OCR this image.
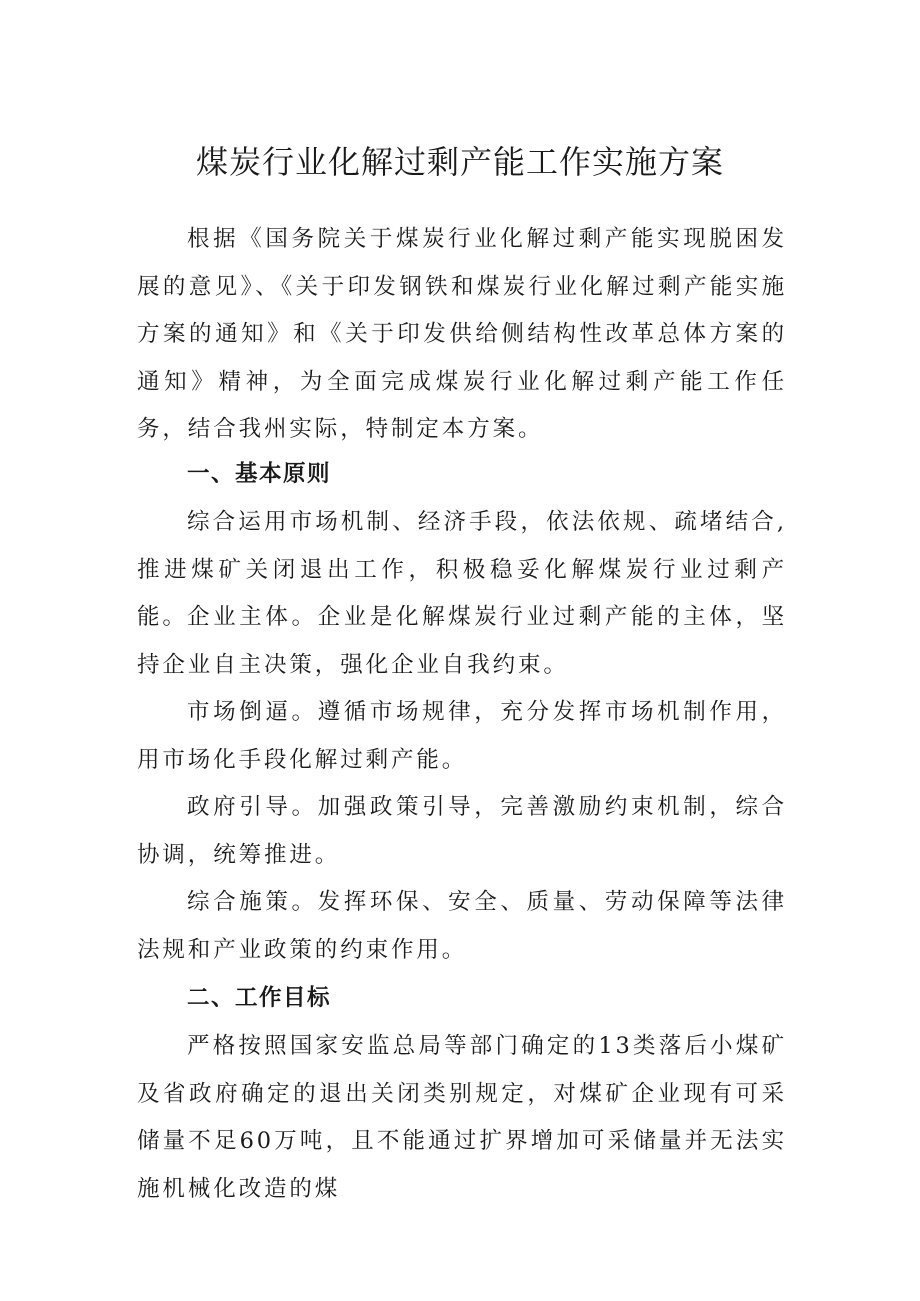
煤炭行业化解过剩产能工作实施方案

根据《国务院关于煤炭行业化解过剩产能实现脱困发展的意见》、《关于印发钢铁和煤炭行业化解过剩产能实施方案的通知》和《关于印发供给侧结构性改革总体方案的通知》精神，为全面完成煤炭行业化解过剩产能工作任务，结合我州实际，特制定本方案。

一、基本原则

综合运用市场机制、经济手段，依法依规、疏堵结合,推进煤矿关闭退出工作，积极稳妥化解煤炭行业过剩产能。 企业主体。企业是化解煤炭行业过剩产能的主体，坚持企业自主决策，强化企业自我约束。

市场倒逼。遵循市场规律，充分发挥市场机制作用，用市场化手段化解过剩产能。

政府引导。加强政策引导，完善激励约束机制，综合协调，统筹推进。

综合施策。发挥环保、安全、质量、劳动保障等法律法规和产业政策的约束作用。

二、工作目标

严格按照国家安监总局等部门确定的13类落后小煤矿及省政府确定的退出关闭类别规定，对煤矿企业现有可采储量不足60万吨，且不能通过扩界增加可采储量并无法实施机械化改造的煤
